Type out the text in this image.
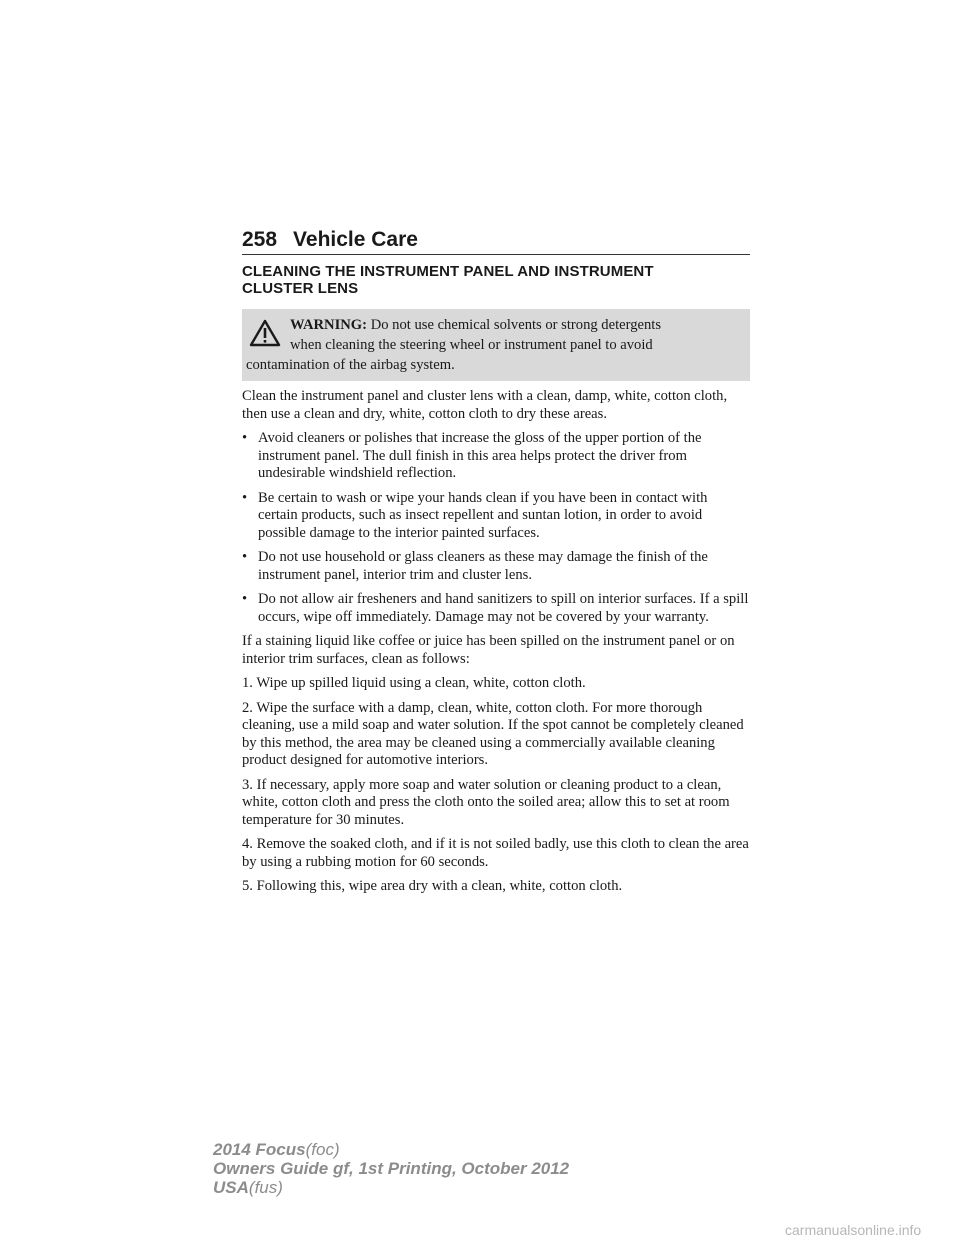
258 Vehicle Care
CLEANING THE INSTRUMENT PANEL AND INSTRUMENT
CLUSTER LENS
WARNING: Do not use chemical solvents or strong detergents
when cleaning the steering wheel or instrument panel to avoid
contamination of the airbag system.

Clean the instrument panel and cluster lens with a clean, damp, white, cotton cloth, then use a clean and dry, white, cotton cloth to dry these areas.

• Avoid cleaners or polishes that increase the gloss of the upper portion of the instrument panel. The dull finish in this area helps protect the driver from undesirable windshield reflection.
• Be certain to wash or wipe your hands clean if you have been in contact with certain products, such as insect repellent and suntan lotion, in order to avoid possible damage to the interior painted surfaces.
• Do not use household or glass cleaners as these may damage the finish of the instrument panel, interior trim and cluster lens.
• Do not allow air fresheners and hand sanitizers to spill on interior surfaces. If a spill occurs, wipe off immediately. Damage may not be covered by your warranty.

If a staining liquid like coffee or juice has been spilled on the instrument panel or on interior trim surfaces, clean as follows:

1. Wipe up spilled liquid using a clean, white, cotton cloth.

2. Wipe the surface with a damp, clean, white, cotton cloth. For more thorough cleaning, use a mild soap and water solution. If the spot cannot be completely cleaned by this method, the area may be cleaned using a commercially available cleaning product designed for automotive interiors.

3. If necessary, apply more soap and water solution or cleaning product to a clean, white, cotton cloth and press the cloth onto the soiled area; allow this to set at room temperature for 30 minutes.

4. Remove the soaked cloth, and if it is not soiled badly, use this cloth to clean the area by using a rubbing motion for 60 seconds.

5. Following this, wipe area dry with a clean, white, cotton cloth.

2014 Focus(foc)
Owners Guide gf, 1st Printing, October 2012
USA(fus)
carmanualsonline.info
